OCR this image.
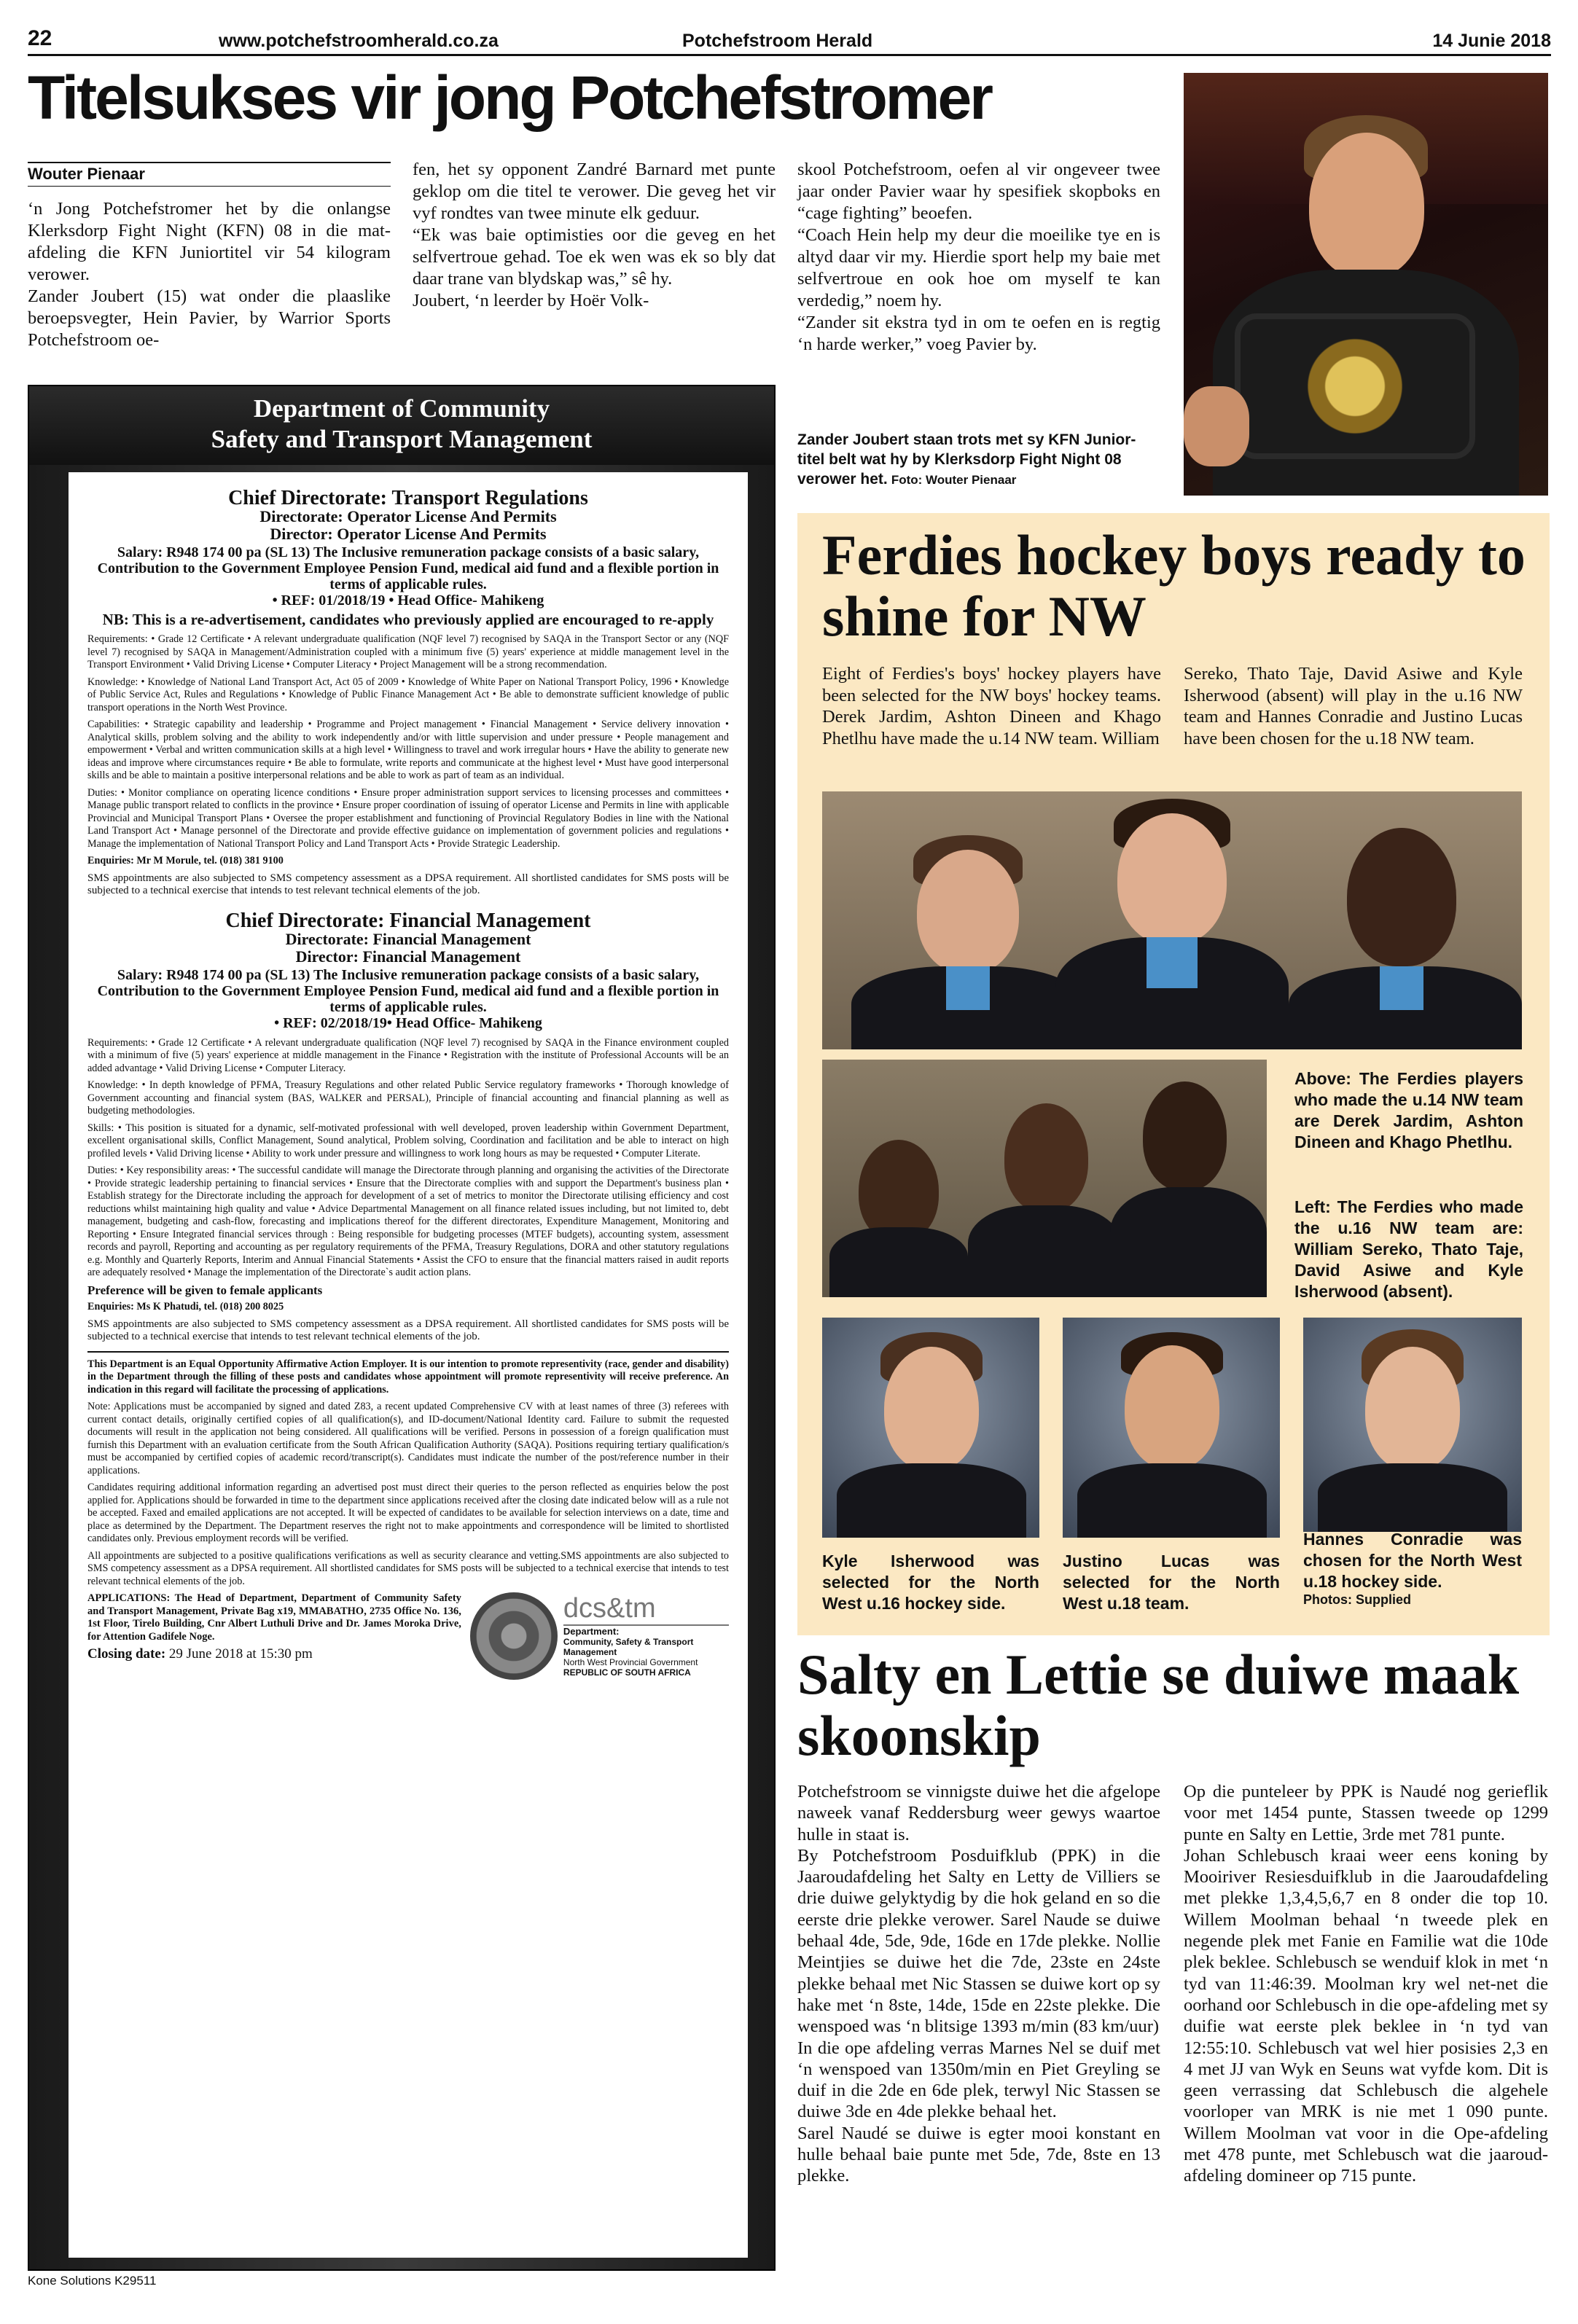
22	www.potchefstroomherald.co.za	Potchefstroom Herald	14 Junie 2018
Titelsukses vir jong Potchefstromer
Wouter Pienaar
‘n Jong Potchefstromer het by die onlangse Klerksdorp Fight Night (KFN) 08 in die mat-afdeling die KFN Juniortitel vir 54 kilogram verower.
Zander Joubert (15) wat onder die plaaslike beroepsvegter, Hein Pavier, by Warrior Sports Potchefstroom oe-
fen, het sy opponent Zandré Barnard met punte geklop om die titel te verower. Die geveg het vir vyf rondtes van twee minute elk geduur.
“Ek was baie optimisties oor die geveg en het selfvertroue gehad. Toe ek wen was ek so bly dat daar trane van blydskap was,” sê hy.
Joubert, ‘n leerder by Hoër Volk-
skool Potchefstroom, oefen al vir ongeveer twee jaar onder Pavier waar hy spesifiek skopboks en “cage fighting” beoefen.
“Coach Hein help my deur die moeilike tye en is altyd daar vir my. Hierdie sport help my baie met selfvertroue en ook hoe om myself te kan verdedig,” noem hy.
“Zander sit ekstra tyd in om te oefen en is regtig ‘n harde werker,” voeg Pavier by.
Zander Joubert staan trots met sy KFN Junior-titel belt wat hy by Klerksdorp Fight Night 08 verower het. Foto: Wouter Pienaar
Department of Community
Safety and Transport Management
Chief Directorate: Transport Regulations
Directorate: Operator License And Permits
Director: Operator License And Permits
Salary: R948 174 00 pa (SL 13) The Inclusive remuneration package consists of a basic salary, Contribution to the Government Employee Pension Fund, medical aid fund and a flexible portion in terms of applicable rules.
• REF: 01/2018/19 • Head Office- Mahikeng
NB: This is a re-advertisement, candidates who previously applied are encouraged to re-apply

Requirements: • Grade 12 Certificate • A relevant undergraduate qualification (NQF level 7) recognised by SAQA in the Transport Sector or any (NQF level 7) recognised by SAQA in Management/Administration coupled with a minimum five (5) years' experience at middle management level in the Transport Environment • Valid Driving License • Computer Literacy • Project Management will be a strong recommendation.

Knowledge: • Knowledge of National Land Transport Act, Act 05 of 2009 • Knowledge of White Paper on National Transport Policy, 1996 • Knowledge of Public Service Act, Rules and Regulations • Knowledge of Public Finance Management Act • Be able to demonstrate sufficient knowledge of public transport operations in the North West Province.

Capabilities: • Strategic capability and leadership • Programme and Project management • Financial Management • Service delivery innovation • Analytical skills, problem solving and the ability to work independently and/or with little supervision and under pressure • People management and empowerment • Verbal and written communication skills at a high level • Willingness to travel and work irregular hours • Have the ability to generate new ideas and improve where circumstances require • Be able to formulate, write reports and communicate at the highest level • Must have good interpersonal skills and be able to maintain a positive interpersonal relations and be able to work as part of team as an individual.

Duties: • Monitor compliance on operating licence conditions • Ensure proper administration support services to licensing processes and committees • Manage public transport related to conflicts in the province • Ensure proper coordination of issuing of operator License and Permits in line with applicable Provincial and Municipal Transport Plans • Oversee the proper establishment and functioning of Provincial Regulatory Bodies in line with the National Land Transport Act • Manage personnel of the Directorate and provide effective guidance on implementation of government policies and regulations • Manage the implementation of National Transport Policy and Land Transport Acts • Provide Strategic Leadership.

Enquiries: Mr M Morule, tel. (018) 381 9100

SMS appointments are also subjected to SMS competency assessment as a DPSA requirement. All shortlisted candidates for SMS posts will be subjected to a technical exercise that intends to test relevant technical elements of the job.

Chief Directorate: Financial Management
Directorate: Financial Management
Director: Financial Management
Salary: R948 174 00 pa (SL 13) The Inclusive remuneration package consists of a basic salary, Contribution to the Government Employee Pension Fund, medical aid fund and a flexible portion in terms of applicable rules.
• REF: 02/2018/19• Head Office- Mahikeng

Requirements: • Grade 12 Certificate • A relevant undergraduate qualification (NQF level 7) recognised by SAQA in the Finance environment coupled with a minimum of five (5) years' experience at middle management in the Finance • Registration with the institute of Professional Accounts will be an added advantage • Valid Driving License • Computer Literacy.

Knowledge: • In depth knowledge of PFMA, Treasury Regulations and other related Public Service regulatory frameworks • Thorough knowledge of Government accounting and financial system (BAS, WALKER and PERSAL), Principle of financial accounting and financial planning as well as budgeting methodologies.

Skills: • This position is situated for a dynamic, self-motivated professional with well developed, proven leadership within Government Department, excellent organisational skills, Conflict Management, Sound analytical, Problem solving, Coordination and facilitation and be able to interact on high profiled levels • Valid Driving license • Ability to work under pressure and willingness to work long hours as may be requested • Computer Literate.

Duties: • Key responsibility areas: • The successful candidate will manage the Directorate through planning and organising the activities of the Directorate • Provide strategic leadership pertaining to financial services • Ensure that the Directorate complies with and support the Department's business plan • Establish strategy for the Directorate including the approach for development of a set of metrics to monitor the Directorate utilising efficiency and cost reductions whilst maintaining high quality and value • Advice Departmental Management on all finance related issues including, but not limited to, debt management, budgeting and cash-flow, forecasting and implications thereof for the different directorates, Expenditure Management, Monitoring and Reporting • Ensure Integrated financial services through : Being responsible for budgeting processes (MTEF budgets), accounting system, assessment records and payroll, Reporting and accounting as per regulatory requirements of the PFMA, Treasury Regulations, DORA and other statutory regulations e.g. Monthly and Quarterly Reports, Interim and Annual Financial Statements • Assist the CFO to ensure that the financial matters raised in audit reports are adequately resolved • Manage the implementation of the Directorate`s audit action plans.

Preference will be given to female applicants

Enquiries: Ms K Phatudi, tel. (018) 200 8025

SMS appointments are also subjected to SMS competency assessment as a DPSA requirement. All shortlisted candidates for SMS posts will be subjected to a technical exercise that intends to test relevant technical elements of the job.

This Department is an Equal Opportunity Affirmative Action Employer. It is our intention to promote representivity (race, gender and disability) in the Department through the filling of these posts and candidates whose appointment will promote representivity will receive preference. An indication in this regard will facilitate the processing of applications.

Note: Applications must be accompanied by signed and dated Z83, a recent updated Comprehensive CV with at least names of three (3) referees with current contact details, originally certified copies of all qualification(s), and ID-document/National Identity card. Failure to submit the requested documents will result in the application not being considered. All qualifications will be verified. Persons in possession of a foreign qualification must furnish this Department with an evaluation certificate from the South African Qualification Authority (SAQA). Positions requiring tertiary qualification/s must be accompanied by certified copies of academic record/transcript(s). Candidates must indicate the number of the post/reference number in their applications.

Candidates requiring additional information regarding an advertised post must direct their queries to the person reflected as enquiries below the post applied for. Applications should be forwarded in time to the department since applications received after the closing date indicated below will as a rule not be accepted. Faxed and emailed applications are not accepted. It will be expected of candidates to be available for selection interviews on a date, time and place as determined by the Department. The Department reserves the right not to make appointments and correspondence will be limited to shortlisted candidates only. Previous employment records will be verified.

All appointments are subjected to a positive qualifications verifications as well as security clearance and vetting.SMS appointments are also subjected to SMS competency assessment as a DPSA requirement. All shortlisted candidates for SMS posts will be subjected to a technical exercise that intends to test relevant technical elements of the job.

APPLICATIONS: The Head of Department, Department of Community Safety and Transport Management, Private Bag x19, MMABATHO, 2735 Office No. 136, 1st Floor, Tirelo Building, Cnr Albert Luthuli Drive and Dr. James Moroka Drive, for Attention Gadifele Noge.

Closing date: 29 June 2018 at 15:30 pm

dcs&tm
Department:
Community, Safety & Transport Management
North West Provincial Government
REPUBLIC OF SOUTH AFRICA
Kone Solutions K29511
Ferdies hockey boys ready to shine for NW
Eight of Ferdies's boys' hockey players have been selected for the NW boys' hockey teams. Derek Jardim, Ashton Dineen and Khago Phetlhu have made the u.14 NW team. William
Sereko, Thato Taje, David Asiwe and Kyle Isherwood (absent) will play in the u.16 NW team and Hannes Conradie and Justino Lucas have been chosen for the u.18 NW team.
Above: The Ferdies players who made the u.14 NW team are Derek Jardim, Ashton Dineen and Khago Phetlhu.
Left: The Ferdies who made the u.16 NW team are: William Sereko, Thato Taje, David Asiwe and Kyle Isherwood (absent).
Kyle Isherwood was selected for the North West u.16 hockey side.
Justino Lucas was selected for the North West u.18 team.
Hannes Conradie was chosen for the North West u.18 hockey side.
Photos: Supplied
Salty en Lettie se duiwe maak skoonskip
Potchefstroom se vinnigste duiwe het die afgelope naweek vanaf Reddersburg weer gewys waartoe hulle in staat is.
By Potchefstroom Posduifklub (PPK) in die Jaaroudafdeling het Salty en Letty de Villiers se drie duiwe gelyktydig by die hok geland en so die eerste drie plekke verower. Sarel Naude se duiwe behaal 4de, 5de, 9de, 16de en 17de plekke. Nollie Meintjies se duiwe het die 7de, 23ste en 24ste plekke behaal met Nic Stassen se duiwe kort op sy hake met ‘n 8ste, 14de, 15de en 22ste plekke. Die wenspoed was ‘n blitsige 1393 m/min (83 km/uur)
In die ope afdeling verras Marnes Nel se duif met ‘n wenspoed van 1350m/min en Piet Greyling se duif in die 2de en 6de plek, terwyl Nic Stassen se duiwe 3de en 4de plekke behaal het.
Sarel Naudé se duiwe is egter mooi konstant en hulle behaal baie punte met 5de, 7de, 8ste en 13 plekke.
Op die punteleer by PPK is Naudé nog gerieflik voor met 1454 punte, Stassen tweede op 1299 punte en Salty en Lettie, 3rde met 781 punte.
Johan Schlebusch kraai weer eens koning by Mooiriver Resiesduifklub in die Jaaroudafdeling met plekke 1,3,4,5,6,7 en 8 onder die top 10. Willem Moolman behaal ‘n tweede plek en negende plek met Fanie en Familie wat die 10de plek beklee. Schlebusch se wenduif klok in met ‘n tyd van 11:46:39. Moolman kry wel net-net die oorhand oor Schlebusch in die ope-afdeling met sy duifie wat eerste plek beklee in ‘n tyd van 12:55:10. Schlebusch vat wel hier posisies 2,3 en 4 met JJ van Wyk en Seuns wat vyfde kom. Dit is geen verrassing dat Schlebusch die algehele voorloper van MRK is nie met 1 090 punte. Willem Moolman vat voor in die Ope-afdeling met 478 punte, met Schlebusch wat die jaaroud-afdeling domineer op 715 punte.
